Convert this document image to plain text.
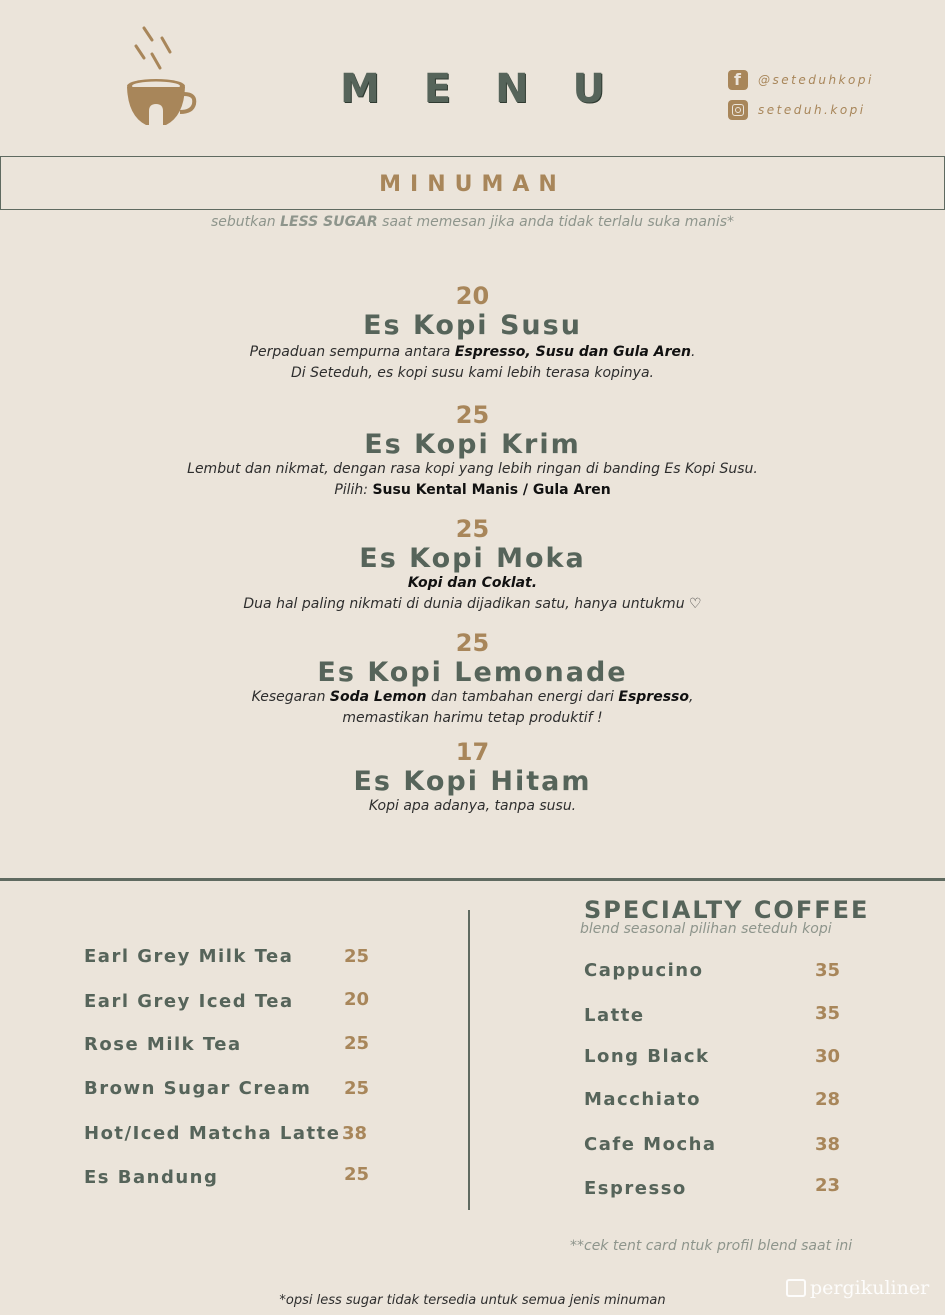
MENU f	@seteduhkopi
seteduh.kopi
MINUMAN
sebutkan LESS SUGAR saat memesan jika anda tidak terlalu suka manis*
20
Es Kopi Susu
Perpaduan sempurna antara Espresso, Susu dan Gula Aren.
Di Seteduh, es kopi susu kami lebih terasa kopinya.
25
Es Kopi Krim
Lembut dan nikmat, dengan rasa kopi yang lebih ringan di banding Es Kopi Susu.
Pilih: Susu Kental Manis / Gula Aren
25
Es Kopi Moka
Kopi dan Coklat.
Dua hal paling nikmati di dunia dijadikan satu, hanya untukmu ♡
25
Es Kopi Lemonade
Kesegaran Soda Lemon dan tambahan energi dari Espresso,
memastikan harimu tetap produktif !
17
Es Kopi Hitam
Kopi apa adanya, tanpa susu.
Earl Grey Milk Tea	25
Earl Grey Iced Tea	20
Rose Milk Tea	25
Brown Sugar Cream 25
Hot/Iced Matcha Latte 38
Es Bandung	25
SPECIALTY COFFEE
blend seasonal pilihan seteduh kopi
Cappucino	35
Latte	35
Long Black	30
Macchiato	28
Cafe Mocha	38
Espresso	23
**cek tent card ntuk profil blend saat ini
*opsi less sugar tidak tersedia untuk semua jenis minuman
pergikuliner
